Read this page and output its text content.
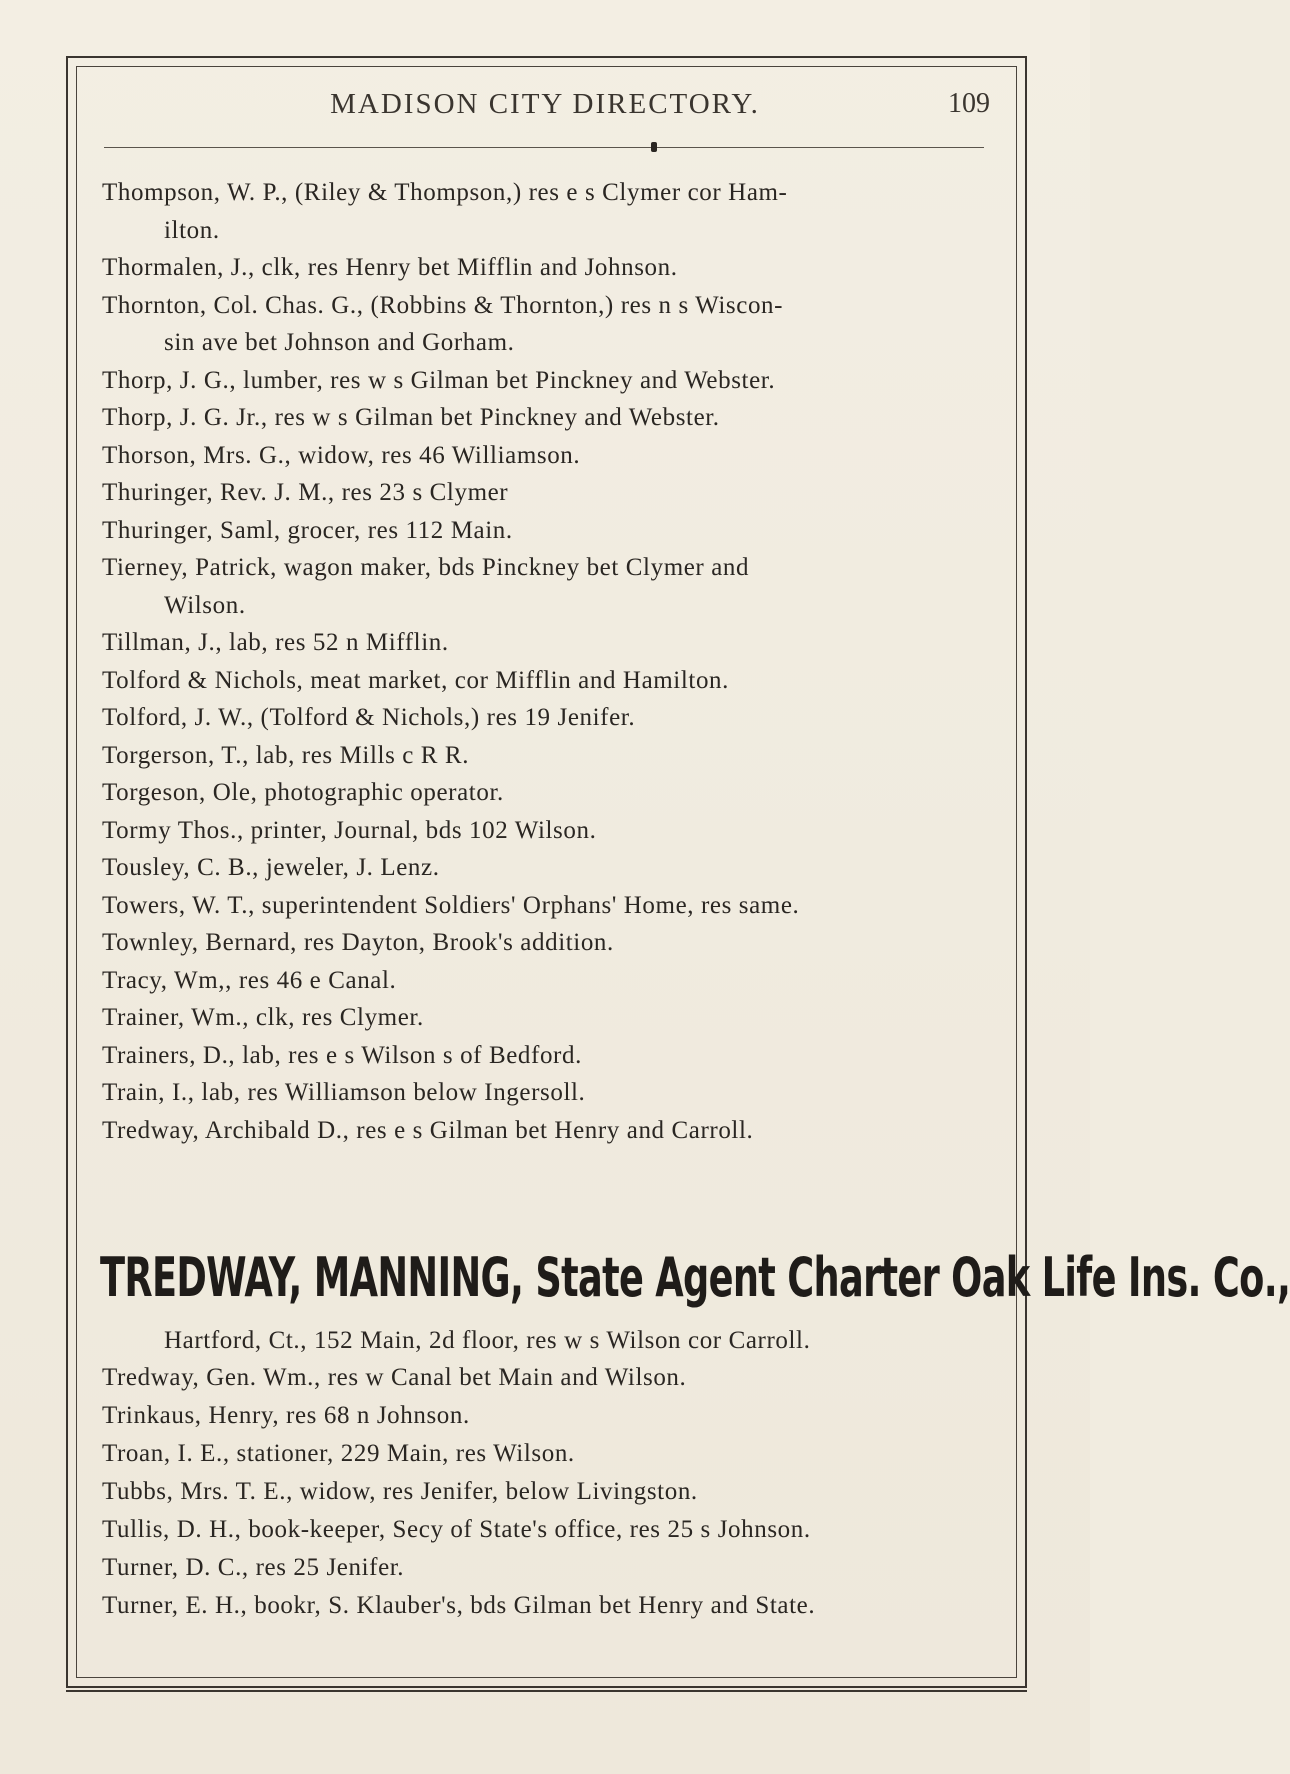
MADISON CITY DIRECTORY.	109
Thompson, W. P., (Riley & Thompson,) res e s Clymer cor Ham-
ilton.
Thormalen, J., clk, res Henry bet Mifflin and Johnson.
Thornton, Col. Chas. G., (Robbins & Thornton,) res n s Wiscon-
sin ave bet Johnson and Gorham.
Thorp, J. G., lumber, res w s Gilman bet Pinckney and Webster.
Thorp, J. G. Jr., res w s Gilman bet Pinckney and Webster.
Thorson, Mrs. G., widow, res 46 Williamson.
Thuringer, Rev. J. M., res 23 s Clymer
Thuringer, Saml, grocer, res 112 Main.
Tierney, Patrick, wagon maker, bds Pinckney bet Clymer and
Wilson.
Tillman, J., lab, res 52 n Mifflin.
Tolford & Nichols, meat market, cor Mifflin and Hamilton.
Tolford, J. W., (Tolford & Nichols,) res 19 Jenifer.
Torgerson, T., lab, res Mills c R R.
Torgeson, Ole, photographic operator.
Tormy Thos., printer, Journal, bds 102 Wilson.
Tousley, C. B., jeweler, J. Lenz.
Towers, W. T., superintendent Soldiers' Orphans' Home, res same.
Townley, Bernard, res Dayton, Brook's addition.
Tracy, Wm,, res 46 e Canal.
Trainer, Wm., clk, res Clymer.
Trainers, D., lab, res e s Wilson s of Bedford.
Train, I., lab, res Williamson below Ingersoll.
Tredway, Archibald D., res e s Gilman bet Henry and Carroll.
TREDWAY, MANNING, State Agent Charter Oak Life Ins. Co.,
Hartford, Ct., 152 Main, 2d floor, res w s Wilson cor Carroll.
Tredway, Gen. Wm., res w Canal bet Main and Wilson.
Trinkaus, Henry, res 68 n Johnson.
Troan, I. E., stationer, 229 Main, res Wilson.
Tubbs, Mrs. T. E., widow, res Jenifer, below Livingston.
Tullis, D. H., book-keeper, Secy of State's office, res 25 s Johnson.
Turner, D. C., res 25 Jenifer.
Turner, E. H., bookr, S. Klauber's, bds Gilman bet Henry and State.
